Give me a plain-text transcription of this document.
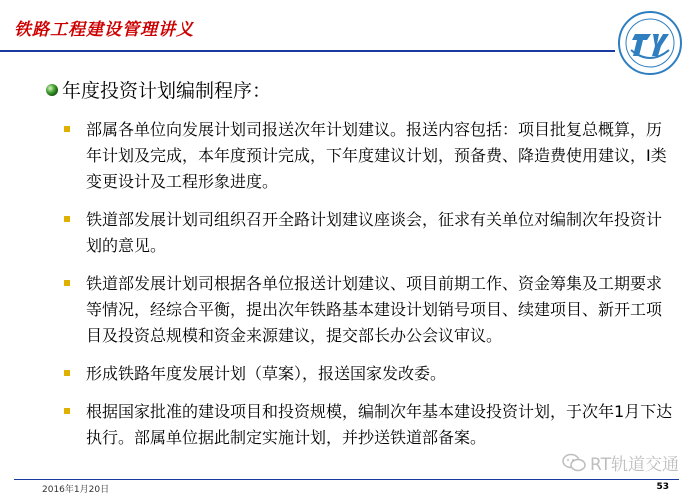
铁路工程建设管理讲义
年度投资计划编制程序：
部属各单位向发展计划司报送次年计划建议。报送内容包括：项目批复总概算，历年计划及完成，本年度预计完成，下年度建议计划，预备费、降造费使用建议，Ⅰ类变更设计及工程形象进度。
铁道部发展计划司组织召开全路计划建议座谈会，征求有关单位对编制次年投资计划的意见。
铁道部发展计划司根据各单位报送计划建议、项目前期工作、资金筹集及工期要求等情况，经综合平衡，提出次年铁路基本建设计划销号项目、续建项目、新开工项目及投资总规模和资金来源建议，提交部长办公会议审议。
形成铁路年度发展计划（草案），报送国家发改委。
根据国家批准的建设项目和投资规模，编制次年基本建设投资计划，于次年1月下达执行。部属单位据此制定实施计划，并抄送铁道部备案。
RT轨道交通
2016年1月20日	53
